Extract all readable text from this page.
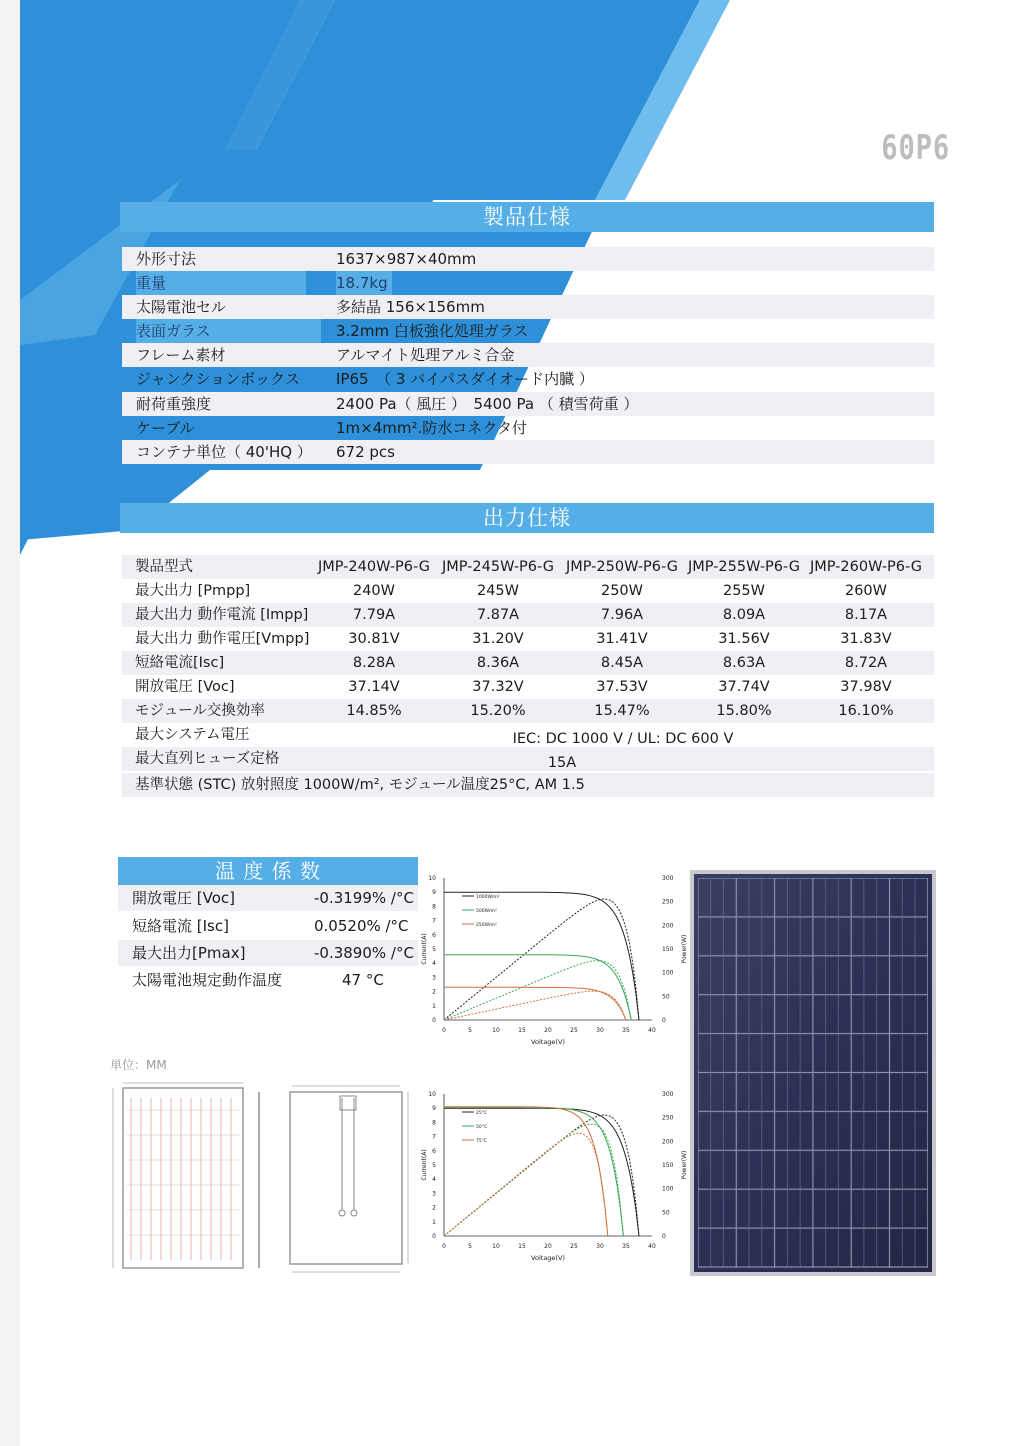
60P6
製品仕様
外形寸法	1637×987×40mm
重量	18.7kg
太陽電池セル	多結晶 156×156mm
表面ガラス	3.2mm 白板強化処理ガラス
フレーム素材	アルマイト処理アルミ合金
ジャンクションボックス IP65　（ 3 バイパスダイオード内臓 ）
耐荷重強度	2400 Pa（ 風圧 ）　5400 Pa （ 積雪荷重 ）
ケーブル	1m×4mm².防水コネクタ付
コンテナ単位（ 40'HQ ） 672 pcs
出力仕様
製品型式	JMP-240W-P6-G JMP-245W-P6-G JMP-250W-P6-G JMP-255W-P6-G JMP-260W-P6-G
最大出力 [Pmpp]	240W	245W	250W	255W	260W
最大出力 動作電流 [Impp]	7.79A	7.87A	7.96A	8.09A	8.17A
最大出力 動作電圧[Vmpp]	30.81V	31.20V	31.41V	31.56V	31.83V
短絡電流[Isc]	8.28A	8.36A	8.45A	8.63A	8.72A
開放電圧 [Voc]	37.14V	37.32V	37.53V	37.74V	37.98V
モジュール交換効率	14.85%	15.20%	15.47%	15.80%	16.10%
最大システム電圧	IEC: DC 1000 V / UL: DC 600 V
最大直列ヒューズ定格	15A
基準状態 (STC) 放射照度 1000W/m², モジュール温度25°C, AM 1.5
温 度 係 数
開放電圧 [Voc]	-0.3199% /°C
短絡電流 [Isc]	0.0520% /°C
最大出力[Pmax]	-0.3890% /°C
太陽電池規定動作温度	47 °C
0	5	10	15	20	25	30	35	40
0
1
2
3
4
5
6
7
8
9
10
0
50
100
150
200
250
300
Voltage(V)
Current(A)	Power(W)
1000W/m²
500W/m²
250W/m²
0	5	10	15	20	25	30	35	40
0
1
2
3
4
5
6
7
8
9
10
0
50
100
150
200
250
300
Voltage(V)
Current(A)	Power(W)
25°C
50°C
75°C
単位：MM
